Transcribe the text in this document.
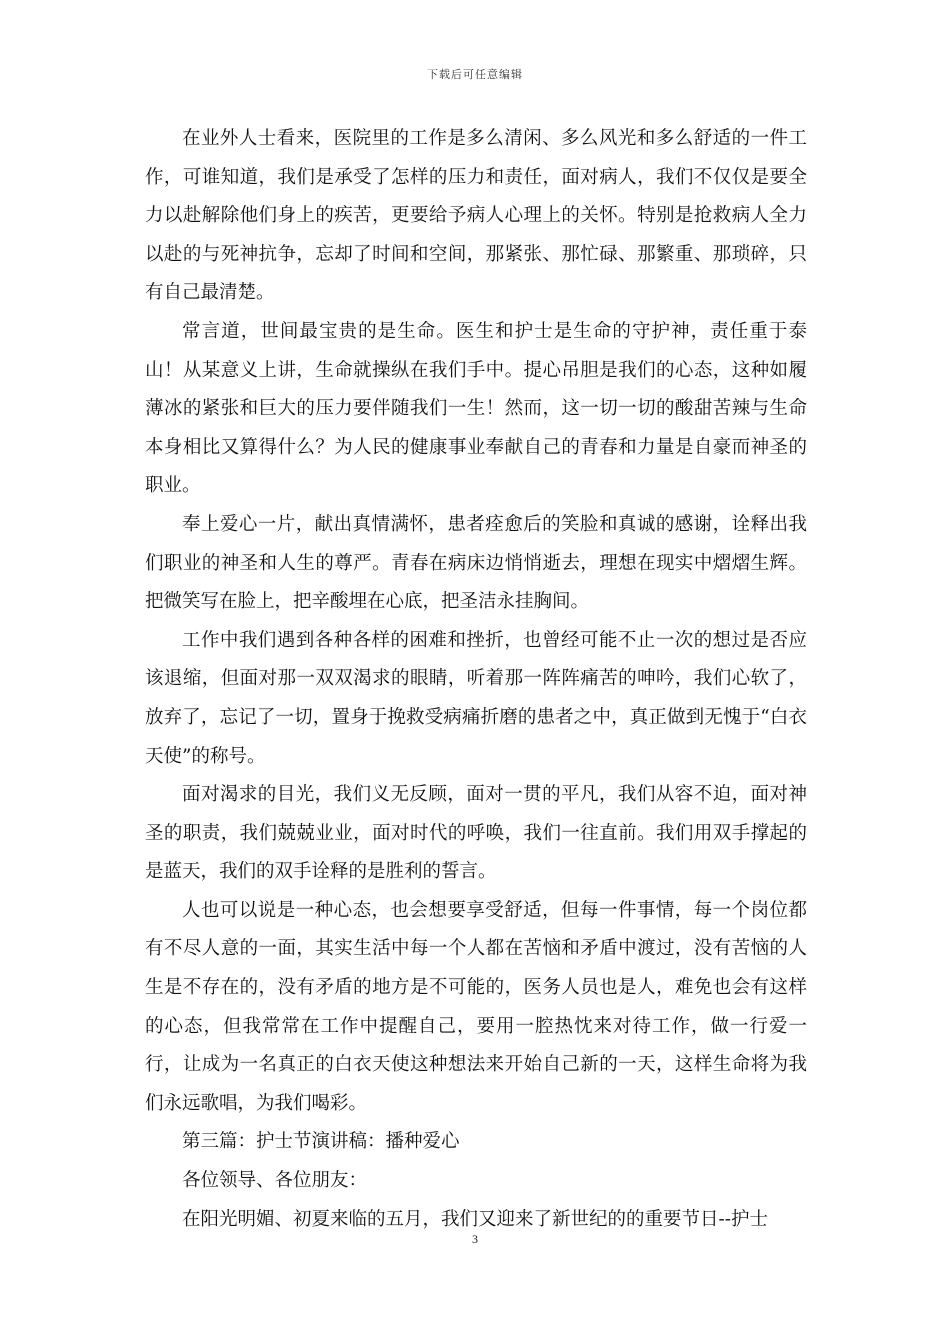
下载后可任意编辑

在业外人士看来，医院里的工作是多么清闲、多么风光和多么舒适的一件工作，可谁知道，我们是承受了怎样的压力和责任，面对病人，我们不仅仅是要全力以赴解除他们身上的疾苦，更要给予病人心理上的关怀。特别是抢救病人全力以赴的与死神抗争，忘却了时间和空间，那紧张、那忙碌、那繁重、那琐碎，只有自己最清楚。

常言道，世间最宝贵的是生命。医生和护士是生命的守护神，责任重于泰山！从某意义上讲，生命就操纵在我们手中。提心吊胆是我们的心态，这种如履薄冰的紧张和巨大的压力要伴随我们一生！然而，这一切一切的酸甜苦辣与生命本身相比又算得什么？为人民的健康事业奉献自己的青春和力量是自豪而神圣的职业。

奉上爱心一片，献出真情满怀，患者痊愈后的笑脸和真诚的感谢，诠释出我们职业的神圣和人生的尊严。青春在病床边悄悄逝去，理想在现实中熠熠生辉。把微笑写在脸上，把辛酸埋在心底，把圣洁永挂胸间。

工作中我们遇到各种各样的困难和挫折，也曾经可能不止一次的想过是否应该退缩，但面对那一双双渴求的眼睛，听着那一阵阵痛苦的呻吟，我们心软了，放弃了，忘记了一切，置身于挽救受病痛折磨的患者之中，真正做到无愧于“白衣天使”的称号。

面对渴求的目光，我们义无反顾，面对一贯的平凡，我们从容不迫，面对神圣的职责，我们兢兢业业，面对时代的呼唤，我们一往直前。我们用双手撑起的是蓝天，我们的双手诠释的是胜利的誓言。

人也可以说是一种心态，也会想要享受舒适，但每一件事情，每一个岗位都有不尽人意的一面，其实生活中每一个人都在苦恼和矛盾中渡过，没有苦恼的人生是不存在的，没有矛盾的地方是不可能的，医务人员也是人，难免也会有这样的心态，但我常常在工作中提醒自己，要用一腔热忱来对待工作，做一行爱一行，让成为一名真正的白衣天使这种想法来开始自己新的一天，这样生命将为我们永远歌唱，为我们喝彩。

第三篇：护士节演讲稿：播种爱心

各位领导、各位朋友：

在阳光明媚、初夏来临的五月，我们又迎来了新世纪的的重要节日--护士

3
